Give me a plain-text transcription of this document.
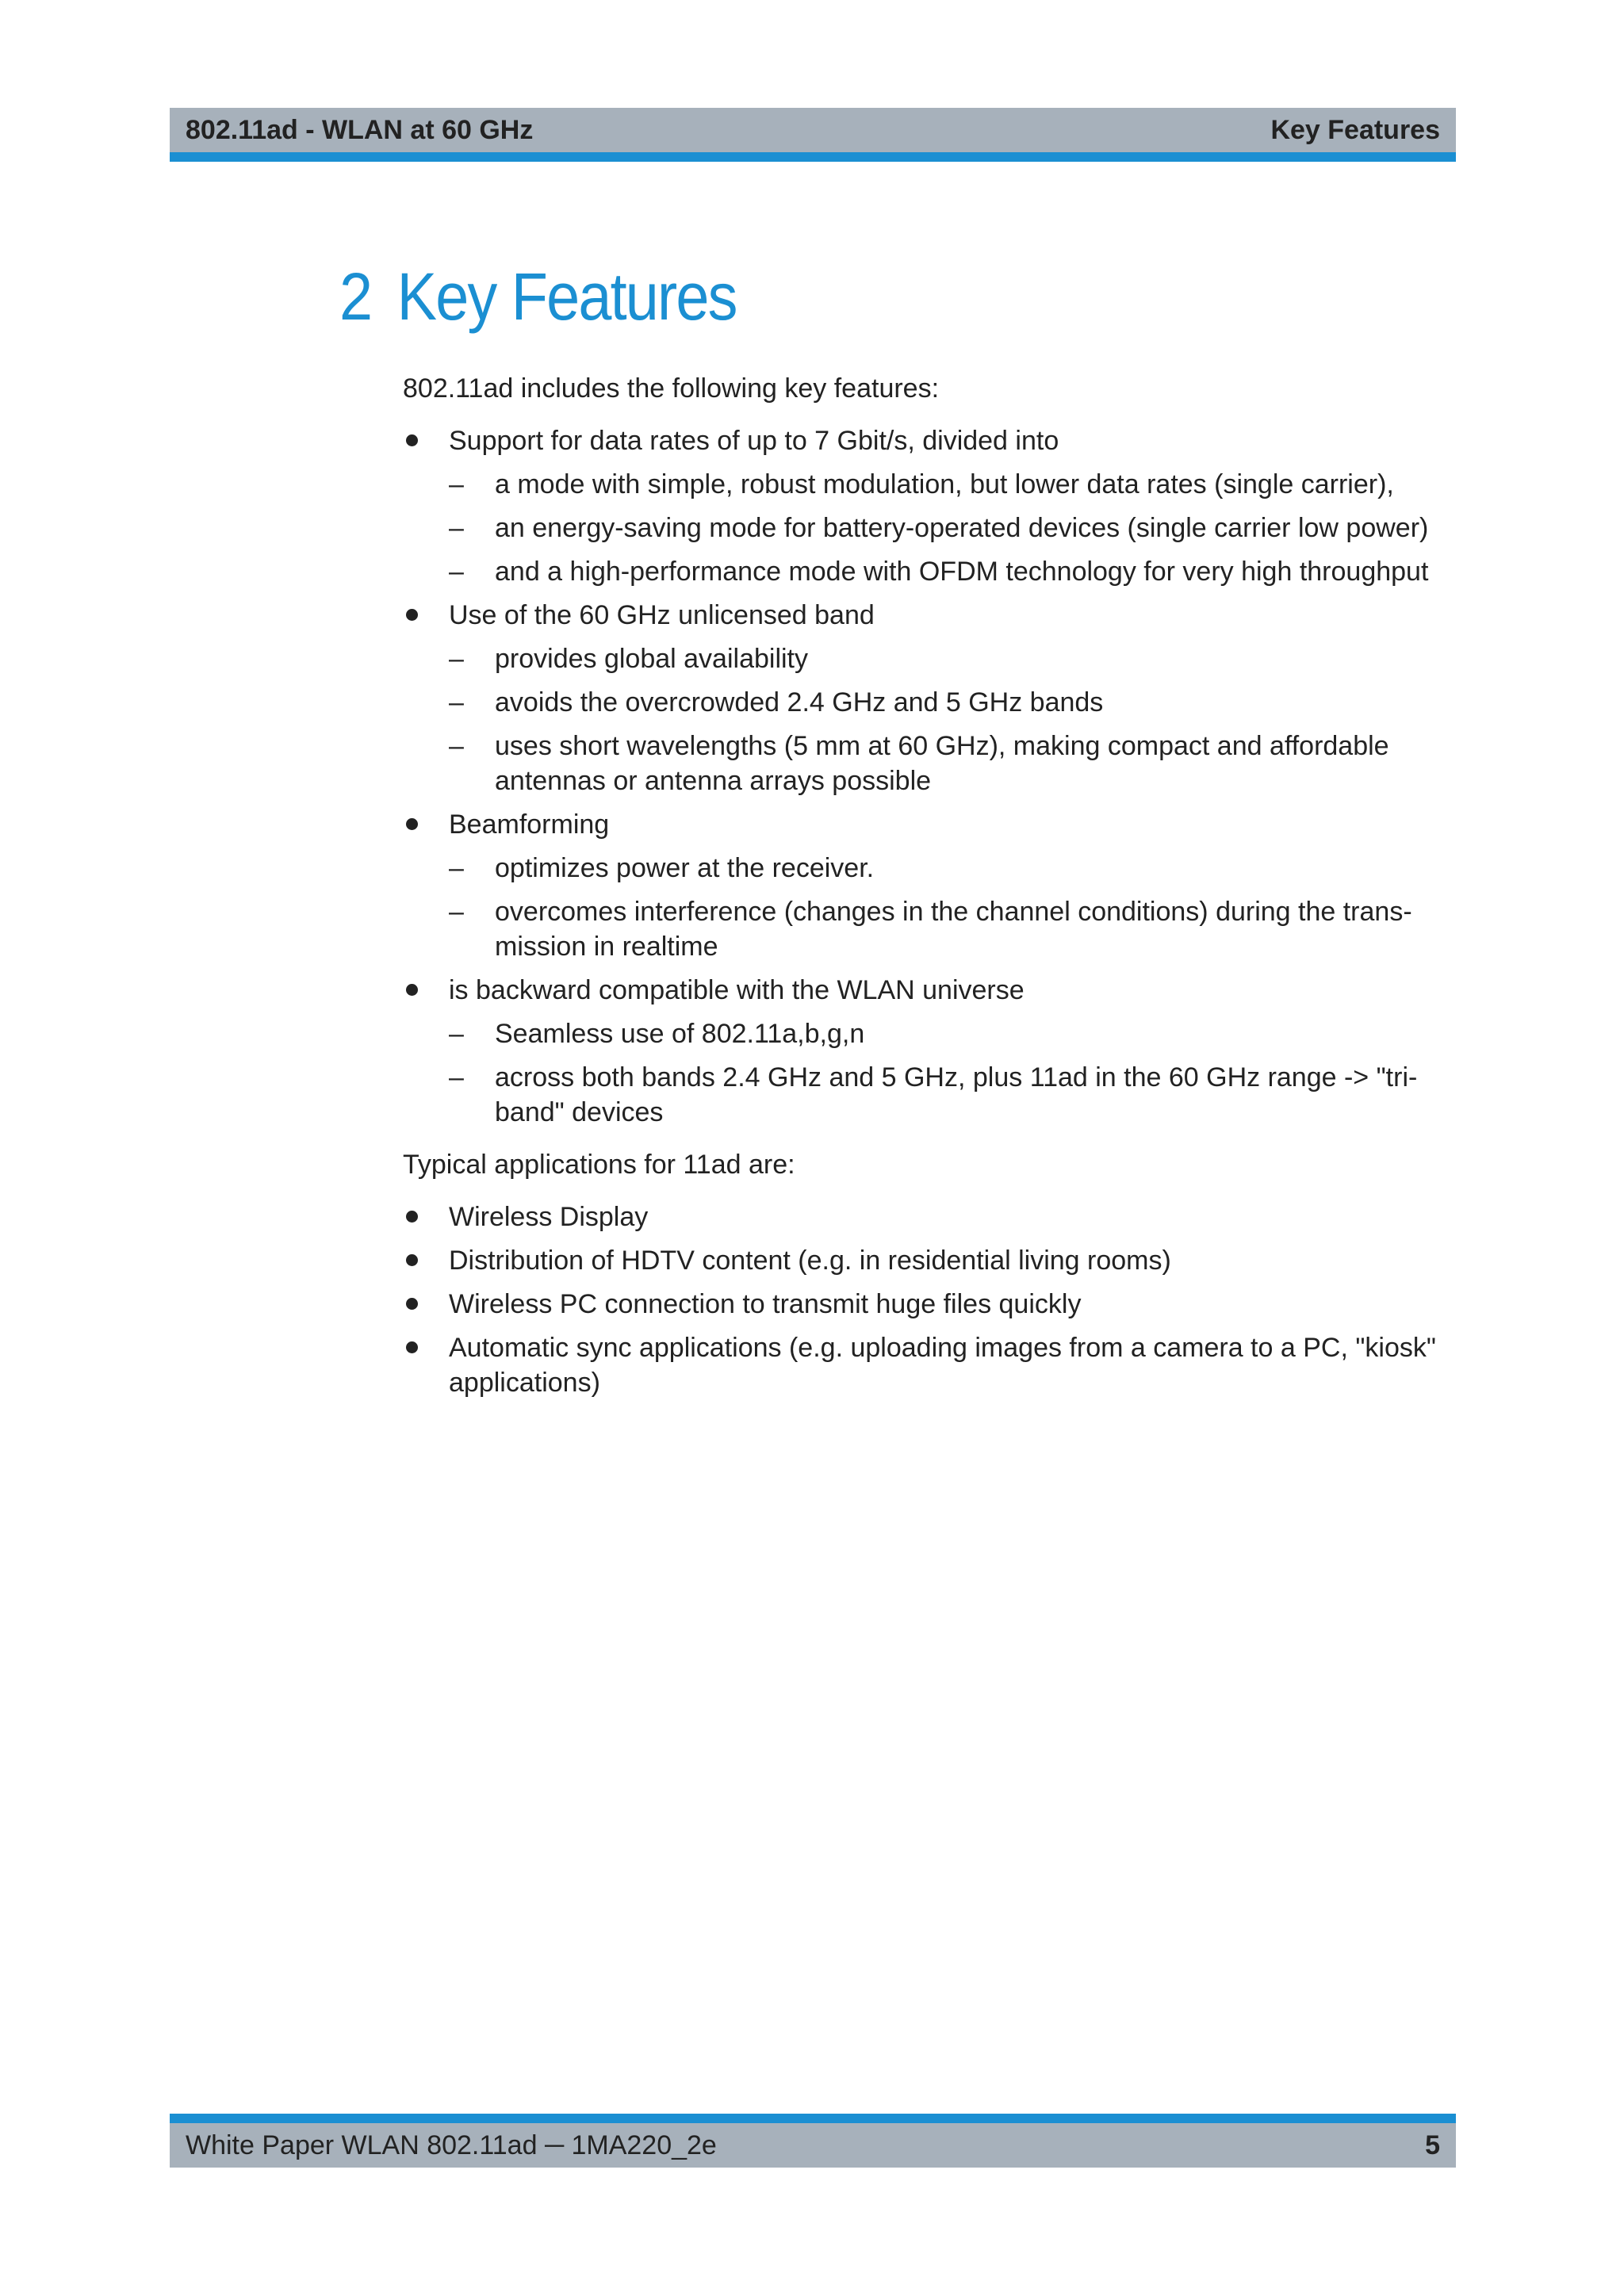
802.11ad - WLAN at 60 GHz	Key Features
2 Key Features

802.11ad includes the following key features:

Support for data rates of up to 7 Gbit/s, divided into
– a mode with simple, robust modulation, but lower data rates (single carrier),
– an energy-saving mode for battery-operated devices (single carrier low power)
– and a high-performance mode with OFDM technology for very high throughput
Use of the 60 GHz unlicensed band
– provides global availability
– avoids the overcrowded 2.4 GHz and 5 GHz bands
– uses short wavelengths (5 mm at 60 GHz), making compact and affordable antennas or antenna arrays possible
Beamforming
– optimizes power at the receiver.
– overcomes interference (changes in the channel conditions) during the trans-mission in realtime
is backward compatible with the WLAN universe
– Seamless use of 802.11a,b,g,n
– across both bands 2.4 GHz and 5 GHz, plus 11ad in the 60 GHz range -> "tri-band" devices

Typical applications for 11ad are:

Wireless Display
Distribution of HDTV content (e.g. in residential living rooms)
Wireless PC connection to transmit huge files quickly
Automatic sync applications (e.g. uploading images from a camera to a PC, "kiosk" applications)
White Paper WLAN 802.11ad ─ 1MA220_2e	5
